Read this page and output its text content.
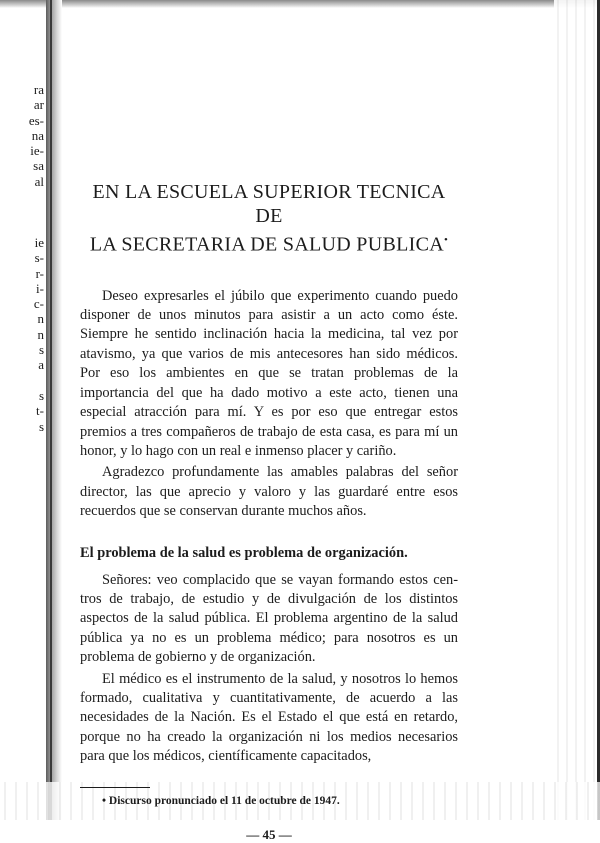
ra
ar
es-
na
ie-
sa
al
ie
s-
r-
i-
c-
n
n
s
a
s
t-
s
EN LA ESCUELA SUPERIOR TECNICA DE
LA SECRETARIA DE SALUD PUBLICA•

Deseo expresarles el júbilo que experimento cuando puedo disponer de unos minutos para asistir a un acto como éste. Siempre he sentido inclinación hacia la medicina, tal vez por atavismo, ya que varios de mis antecesores han sido médicos. Por eso los ambientes en que se tratan problemas de la importancia del que ha dado motivo a este acto, tienen una especial atracción para mí. Y es por eso que entregar estos premios a tres compañeros de trabajo de esta casa, es para mí un honor, y lo hago con un real e inmenso placer y cariño.

Agradezco profundamente las amables palabras del señor director, las que aprecio y valoro y las guardaré entre esos recuerdos que se conservan durante muchos años.

El problema de la salud es problema de organización.

Señores: veo complacido que se vayan formando estos centros de trabajo, de estudio y de divulgación de los distintos aspectos de la salud pública. El problema argentino de la salud pública ya no es un problema médico; para nosotros es un problema de gobierno y de organización.

El médico es el instrumento de la salud, y nosotros lo hemos formado, cualitativa y cuantitativamente, de acuerdo a las necesidades de la Nación. Es el Estado el que está en retardo, porque no ha creado la organización ni los medios necesarios para que los médicos, científicamente capacitados,

• Discurso pronunciado el 11 de octubre de 1947.

— 45 —
